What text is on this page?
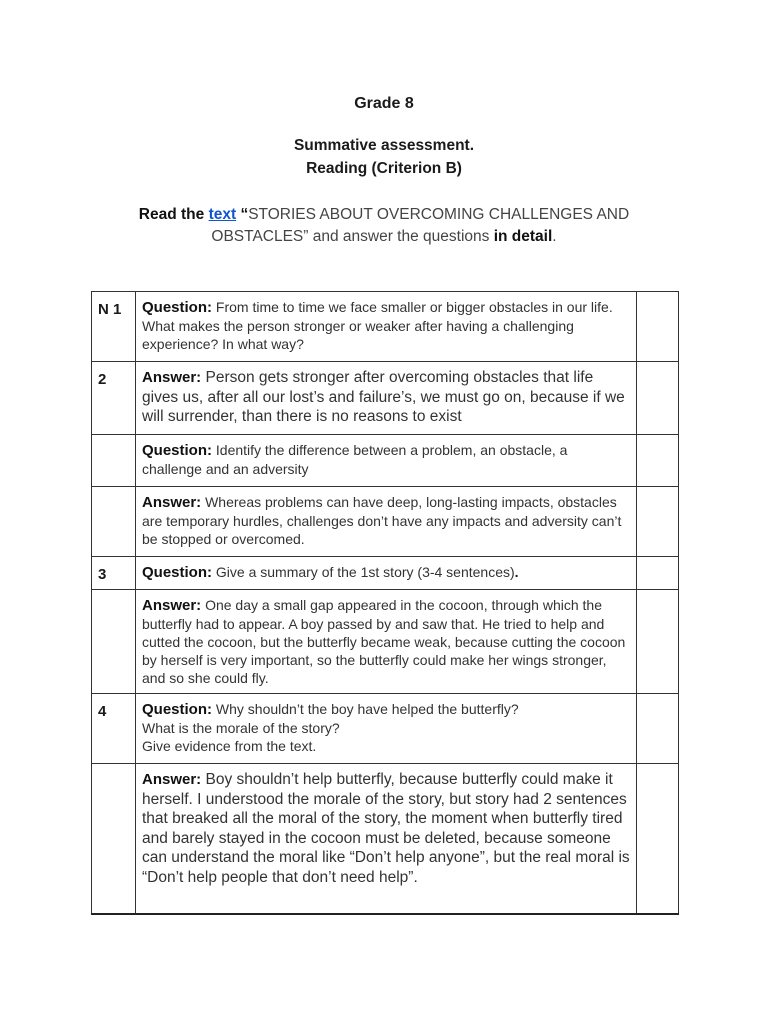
Grade 8
Summative assessment.
Reading (Criterion B)
Read the text “STORIES ABOUT OVERCOMING CHALLENGES AND OBSTACLES” and answer the questions in detail.
N 1	Question: From time to time we face smaller or bigger obstacles in our life. What makes the person stronger or weaker after having a challenging experience? In what way?	
2	Answer: Person gets stronger after overcoming obstacles that life gives us, after all our lost’s and failure’s, we must go on, because if we will surrender, than there is no reasons to exist	
	Question: Identify the difference between a problem, an obstacle, a challenge and an adversity	
	Answer: Whereas problems can have deep, long-lasting impacts, obstacles are temporary hurdles, challenges don’t have any impacts and adversity can’t be stopped or overcomed.	
3	Question: Give a summary of the 1st story (3-4 sentences).	
	Answer: One day a small gap appeared in the cocoon, through which the butterfly had to appear. A boy passed by and saw that. He tried to help and cutted the cocoon, but the butterfly became weak, because cutting the cocoon by herself is very important, so the butterfly could make her wings stronger, and so she could fly.	
4	Question: Why shouldn’t the boy have helped the butterfly?
What is the morale of the story?
Give evidence from the text.	

	Answer: Boy shouldn’t help butterfly, because butterfly could make it herself. I understood the morale of the story, but story had 2 sentences that breaked all the moral of the story, the moment when butterfly tired and barely stayed in the cocoon must be deleted, because someone can understand the moral like “Don’t help anyone”, but the real moral is “Don’t help people that don’t need help”.	
